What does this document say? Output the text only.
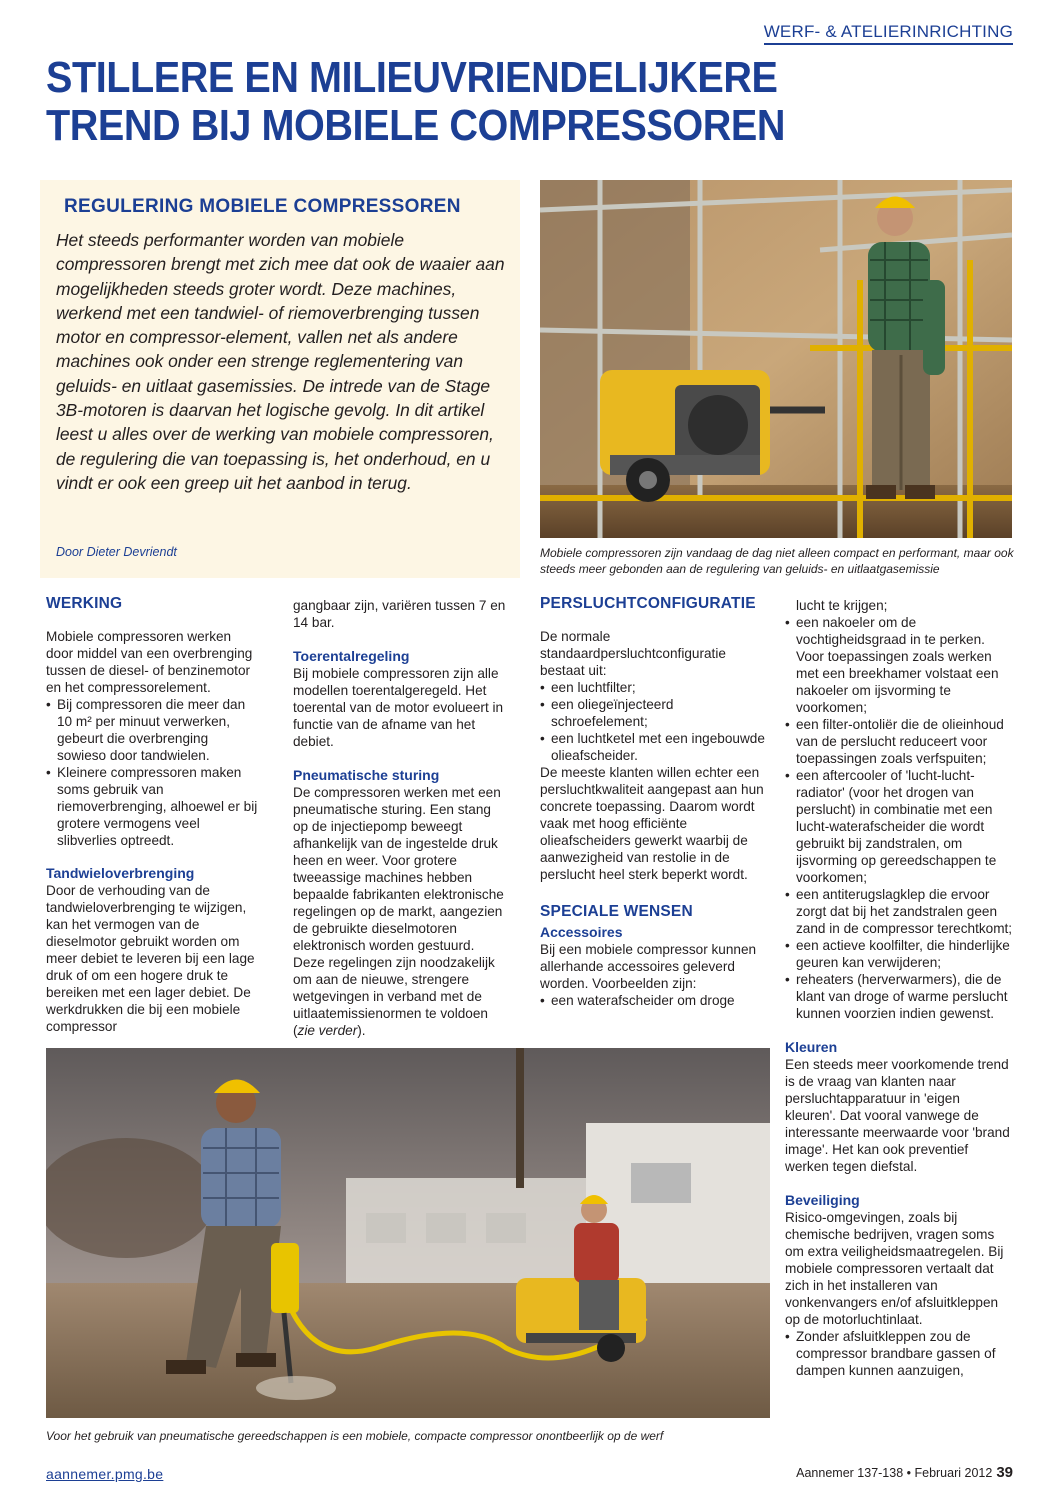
WERF- & ATELIERINRICHTING
STILLERE EN MILIEUVRIENDELIJKERE
TREND BIJ MOBIELE COMPRESSOREN
REGULERING MOBIELE COMPRESSOREN

Het steeds performanter worden van mobiele compressoren brengt met zich mee dat ook de waaier aan mogelijkheden steeds groter wordt. Deze machines, werkend met een tandwiel- of riemoverbrenging tussen motor en compressor-element, vallen net als andere machines ook onder een strenge reglementering van geluids- en uitlaat gasemissies. De intrede van de Stage 3B-motoren is daarvan het logische gevolg. In dit artikel leest u alles over de werking van mobiele compressoren, de regulering die van toepassing is, het onderhoud, en u vindt er ook een greep uit het aanbod in terug.

Door Dieter Devriendt	Mobiele compressoren zijn vandaag de dag niet alleen compact en performant, maar ook steeds meer gebonden aan de regulering van geluids- en uitlaatgasemissie
WERKING

Mobiele compressoren werken door middel van een overbrenging tussen de diesel- of benzinemotor en het compressorelement.

• Bij compressoren die meer dan 10 m² per minuut verwerken, gebeurt die overbrenging sowieso door tandwielen.

• Kleinere compressoren maken soms gebruik van riemoverbrenging, alhoewel er bij grotere vermogens veel slibverlies optreedt.

Tandwieloverbrenging

Door de verhouding van de tandwieloverbrenging te wijzigen, kan het vermogen van de dieselmotor gebruikt worden om meer debiet te leveren bij een lage druk of om een hogere druk te bereiken met een lager debiet. De werkdrukken die bij een mobiele compressor

gangbaar zijn, variëren tussen 7 en 14 bar.

Toerentalregeling

Bij mobiele compressoren zijn alle modellen toerentalgeregeld. Het toerental van de motor evolueert in functie van de afname van het debiet.

Pneumatische sturing

De compressoren werken met een pneumatische sturing. Een stang op de injectiepomp beweegt afhankelijk van de ingestelde druk heen en weer. Voor grotere tweeassige machines hebben bepaalde fabrikanten elektronische regelingen op de markt, aangezien de gebruikte dieselmotoren elektronisch worden gestuurd. Deze regelingen zijn noodzakelijk om aan de nieuwe, strengere wetgevingen in verband met de uitlaatemissienormen te voldoen (zie verder).

PERSLUCHTCONFIGURATIE

De normale standaardpersluchtconfiguratie bestaat uit:

• een luchtfilter;

• een oliegeïnjecteerd schroefelement;

• een luchtketel met een ingebouwde olieafscheider.

De meeste klanten willen echter een persluchtkwaliteit aangepast aan hun concrete toepassing. Daarom wordt vaak met hoog efficiënte olieafscheiders gewerkt waarbij de aanwezigheid van restolie in de perslucht heel sterk beperkt wordt.

SPECIALE WENSEN
Accessoires

Bij een mobiele compressor kunnen allerhande accessoires geleverd worden. Voorbeelden zijn:

• een waterafscheider om droge

lucht te krijgen;

• een nakoeler om de vochtigheidsgraad in te perken. Voor toepassingen zoals werken met een breekhamer volstaat een nakoeler om ijsvorming te voorkomen;

• een filter-ontoliër die de olieinhoud van de perslucht reduceert voor toepassingen zoals verfspuiten;

• een aftercooler of 'lucht-lucht-radiator' (voor het drogen van perslucht) in combinatie met een lucht-waterafscheider die wordt gebruikt bij zandstralen, om ijsvorming op gereedschappen te voorkomen;

• een antiterugslagklep die ervoor zorgt dat bij het zandstralen geen zand in de compressor terechtkomt;

• een actieve koolfilter, die hinderlijke geuren kan verwijderen;

• reheaters (herverwarmers), die de klant van droge of warme perslucht kunnen voorzien indien gewenst.

Kleuren

Een steeds meer voorkomende trend is de vraag van klanten naar persluchtapparatuur in 'eigen kleuren'. Dat vooral vanwege de interessante meerwaarde voor 'brand image'. Het kan ook preventief werken tegen diefstal.

Beveiliging

Risico-omgevingen, zoals bij chemische bedrijven, vragen soms om extra veiligheidsmaatregelen. Bij mobiele compressoren vertaalt dat zich in het installeren van vonkenvangers en/of afsluitkleppen op de motorluchtinlaat.

• Zonder afsluitkleppen zou de compressor brandbare gassen of dampen kunnen aanzuigen,

Voor het gebruik van pneumatische gereedschappen is een mobiele, compacte compressor onontbeerlijk op de werf
aannemer.pmg.be	Aannemer 137-138 • Februari 2012 39
